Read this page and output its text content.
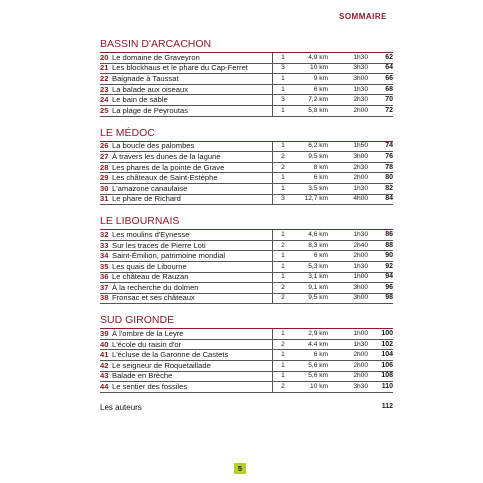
SOMMAIRE
BASSIN D'ARCACHON
20 Le domaine de Graveyron	1	4,9 km	1h30	62
21 Les blockhaus et le phare du Cap-Ferret	3	10 km	3h30	64
22 Baignade à Taussat	1	9 km	3h00	66
23 La balade aux oiseaux	1	6 km	1h30	68
24 Le bain de sable	3	7,2 km	2h30	70
25 La plage de Peyroutas	1	5,8 km	2h00	72
LE MÉDOC
26 La boucle des palombes	1	6,2 km	1h50	74
27 À travers les dunes de la lagune	2	9,5 km	3h00	76
28 Les phares de la pointe de Grave	2	8 km	2h30	78
29 Les châteaux de Saint-Estèphe	1	6 km	2h00	80
30 L'amazone canaulaise	1	3,5 km	1h30	82
31 Le phare de Richard	3	12,7 km	4h00	84
LE LIBOURNAIS
32 Les moulins d'Eynesse	1	4,6 km	1h30	86
33 Sur les traces de Pierre Loti	2	8,3 km	2h40	88
34 Saint-Émilion, patrimoine mondial	1	6 km	2h00	90
35 Les quais de Libourne	1	5,3 km	1h30	92
36 Le château de Rauzan	1	3,1 km	1h00	94
37 À la recherche du dolmen	2	9,1 km	3h00	96
38 Fronsac et ses châteaux	2	9,5 km	3h00	98
SUD GIRONDE
39 À l'ombre de la Leyre	1	2,9 km	1h00	100
40 L'école du raisin d'or	2	4,4 km	1h30	102
41 L'écluse de la Garonne de Castets	1	6 km	2h00	104
42 Le seigneur de Roquetaillade	1	5,6 km	2h00	106
43 Balade en Brèche	1	5,6 km	2h00	108
44 Le sentier des fossiles	2	10 km	3h30	110
Les auteurs	112
5
